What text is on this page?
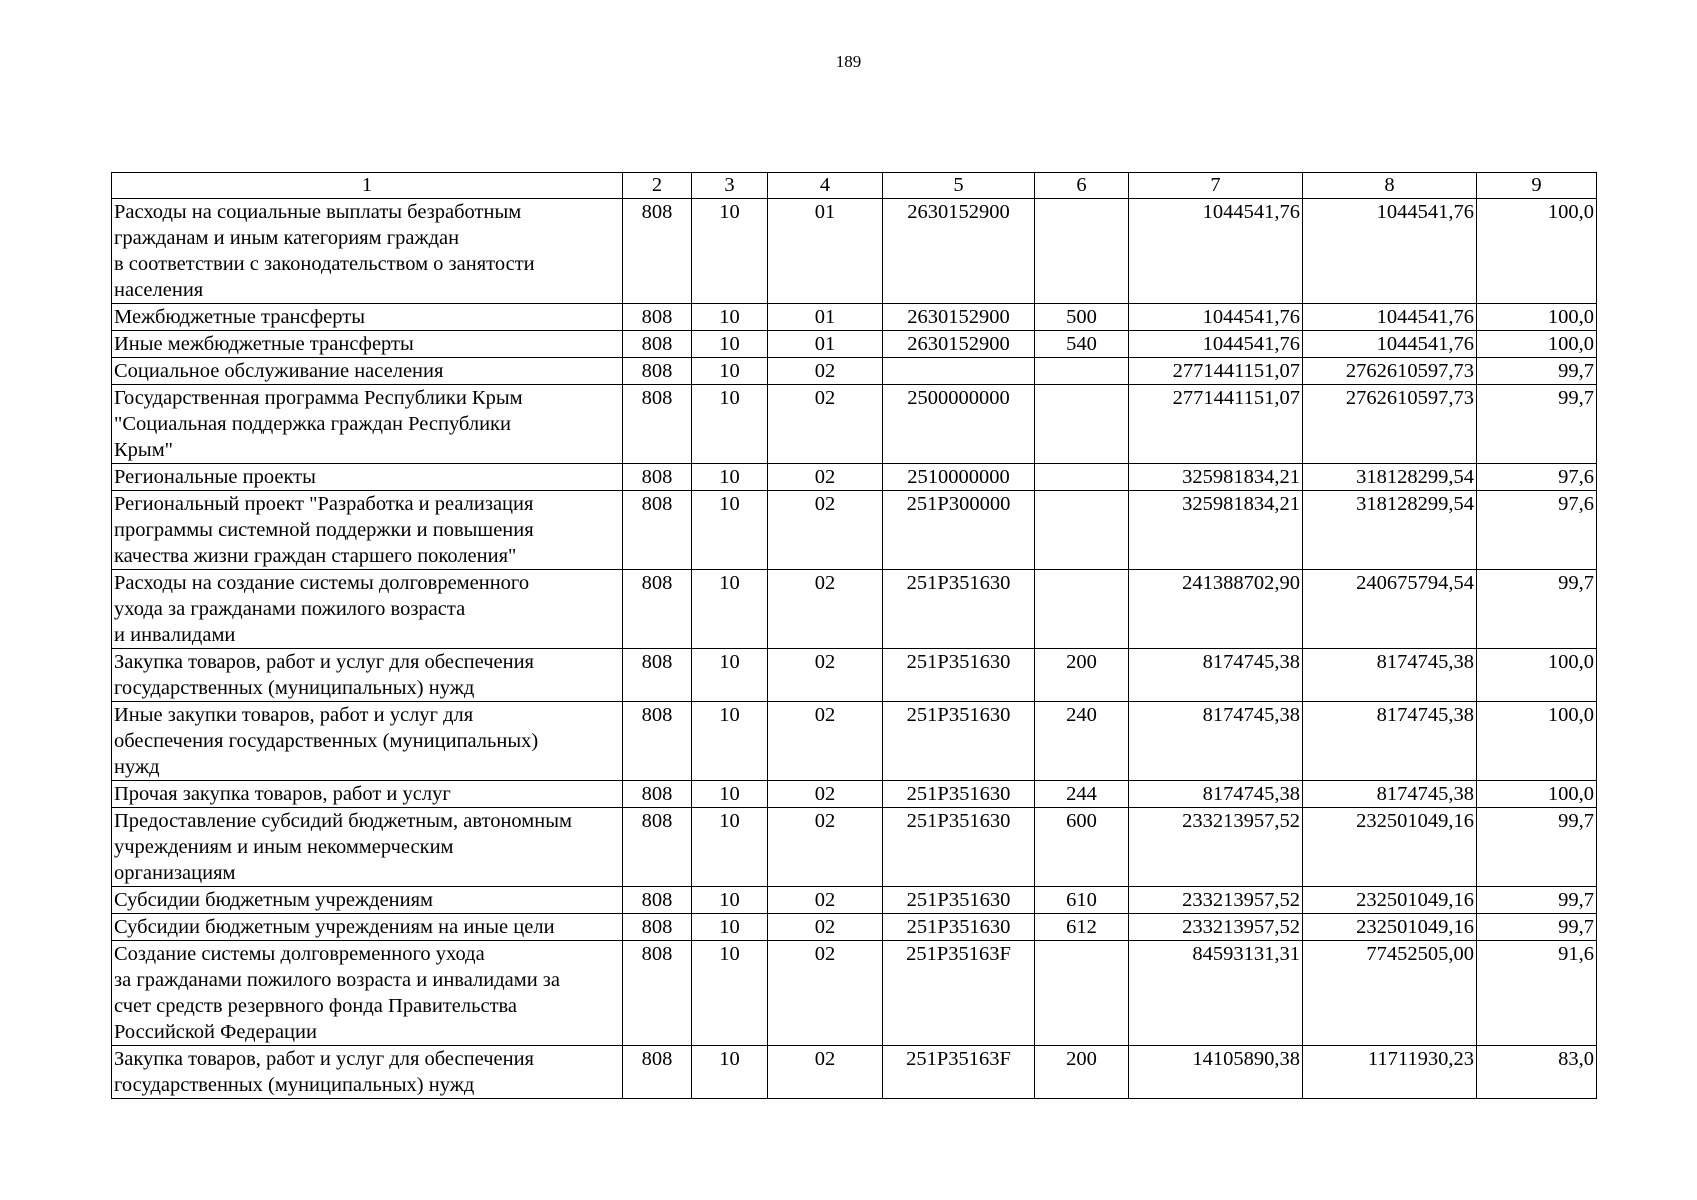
189
1	2	3	4	5	6	7	8	9

Расходы на социальные выплаты безработным
гражданам и иным категориям граждан
в соответствии с законодательством о занятости
населения	808	10	01	2630152900		1044541,76	1044541,76	100,0

Межбюджетные трансферты	808	10	01	2630152900	500	1044541,76	1044541,76	100,0

Иные межбюджетные трансферты	808	10	01	2630152900	540	1044541,76	1044541,76	100,0

Социальное обслуживание населения	808	10	02			2771441151,07	2762610597,73	99,7

Государственная программа Республики Крым
"Социальная поддержка граждан Республики
Крым"	808	10	02	2500000000		2771441151,07	2762610597,73	99,7

Региональные проекты	808	10	02	2510000000		325981834,21	318128299,54	97,6

Региональный проект "Разработка и реализация
программы системной поддержки и повышения
качества жизни граждан старшего поколения"	808	10	02	251P300000		325981834,21	318128299,54	97,6

Расходы на создание системы долговременного
ухода за гражданами пожилого возраста
и инвалидами	808	10	02	251P351630		241388702,90	240675794,54	99,7

Закупка товаров, работ и услуг для обеспечения
государственных (муниципальных) нужд	808	10	02	251P351630	200	8174745,38	8174745,38	100,0

Иные закупки товаров, работ и услуг для
обеспечения государственных (муниципальных)
нужд	808	10	02	251P351630	240	8174745,38	8174745,38	100,0

Прочая закупка товаров, работ и услуг	808	10	02	251P351630	244	8174745,38	8174745,38	100,0

Предоставление субсидий бюджетным, автономным
учреждениям и иным некоммерческим
организациям	808	10	02	251P351630	600	233213957,52	232501049,16	99,7

Субсидии бюджетным учреждениям	808	10	02	251P351630	610	233213957,52	232501049,16	99,7

Субсидии бюджетным учреждениям на иные цели	808	10	02	251P351630	612	233213957,52	232501049,16	99,7

Создание системы долговременного ухода
за гражданами пожилого возраста и инвалидами за
счет средств резервного фонда Правительства
Российской Федерации	808	10	02	251P35163F		84593131,31	77452505,00	91,6

Закупка товаров, работ и услуг для обеспечения
государственных (муниципальных) нужд	808	10	02	251P35163F	200	14105890,38	11711930,23	83,0
